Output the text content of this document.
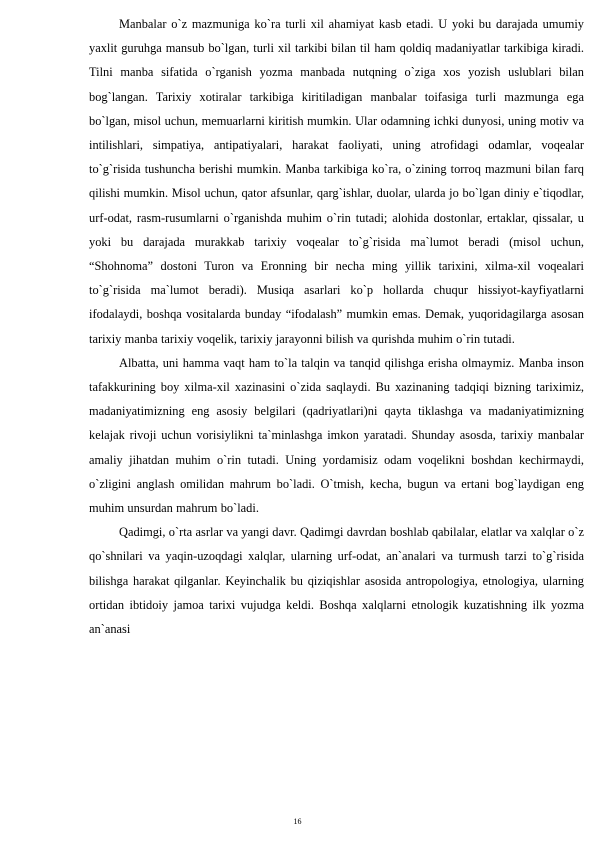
Manbalar o`z mazmuniga ko`ra turli xil ahamiyat kasb etadi. U yoki bu darajada umumiy yaxlit guruhga mansub bo`lgan, turli xil tarkibi bilan til ham qoldiq madaniyatlar tarkibiga kiradi. Tilni manba sifatida o`rganish yozma manbada nutqning o`ziga xos yozish uslublari bilan bog`langan. Tarixiy xotiralar tarkibiga kiritiladigan manbalar toifasiga turli mazmunga ega bo`lgan, misol uchun, memuarlarni kiritish mumkin. Ular odamning ichki dunyosi, uning motiv va intilishlari, simpatiya, antipatiyalari, harakat faoliyati, uning atrofidagi odamlar, voqealar to`g`risida tushuncha berishi mumkin. Manba tarkibiga ko`ra, o`zining torroq mazmuni bilan farq qilishi mumkin. Misol uchun, qator afsunlar, qarg`ishlar, duolar, ularda jo bo`lgan diniy e`tiqodlar, urf-odat, rasm-rusumlarni o`rganishda muhim o`rin tutadi; alohida dostonlar, ertaklar, qissalar, u yoki bu darajada murakkab tarixiy voqealar to`g`risida ma`lumot beradi (misol uchun, “Shohnoma” dostoni Turon va Eronning bir necha ming yillik tarixini, xilma-xil voqealari to`g`risida ma`lumot beradi). Musiqa asarlari ko`p hollarda chuqur hissiyot-kayfiyatlarni ifodalaydi, boshqa vositalarda bunday “ifodalash” mumkin emas. Demak, yuqoridagilarga asosan tarixiy manba tarixiy voqelik, tarixiy jarayonni bilish va qurishda muhim o`rin tutadi.

Albatta, uni hamma vaqt ham to`la talqin va tanqid qilishga erisha olmaymiz. Manba inson tafakkurining boy xilma-xil xazinasini o`zida saqlaydi. Bu xazinaning tadqiqi bizning tariximiz, madaniyatimizning eng asosiy belgilari (qadriyatlari)ni qayta tiklashga va madaniyatimizning kelajak rivoji uchun vorisiylikni ta`minlashga imkon yaratadi. Shunday asosda, tarixiy manbalar amaliy jihatdan muhim o`rin tutadi. Uning yordamisiz odam voqelikni boshdan kechirmaydi, o`zligini anglash omilidan mahrum bo`ladi. O`tmish, kecha, bugun va ertani bog`laydigan eng muhim unsurdan mahrum bo`ladi.

Qadimgi, o`rta asrlar va yangi davr. Qadimgi davrdan boshlab qabilalar, elatlar va xalqlar o`z qo`shnilari va yaqin-uzoqdagi xalqlar, ularning urf-odat, an`analari va turmush tarzi to`g`risida bilishga harakat qilganlar. Keyinchalik bu qiziqishlar asosida antropologiya, etnologiya, ularning ortidan ibtidoiy jamoa tarixi vujudga keldi. Boshqa xalqlarni etnologik kuzatishning ilk yozma an`anasi

16
